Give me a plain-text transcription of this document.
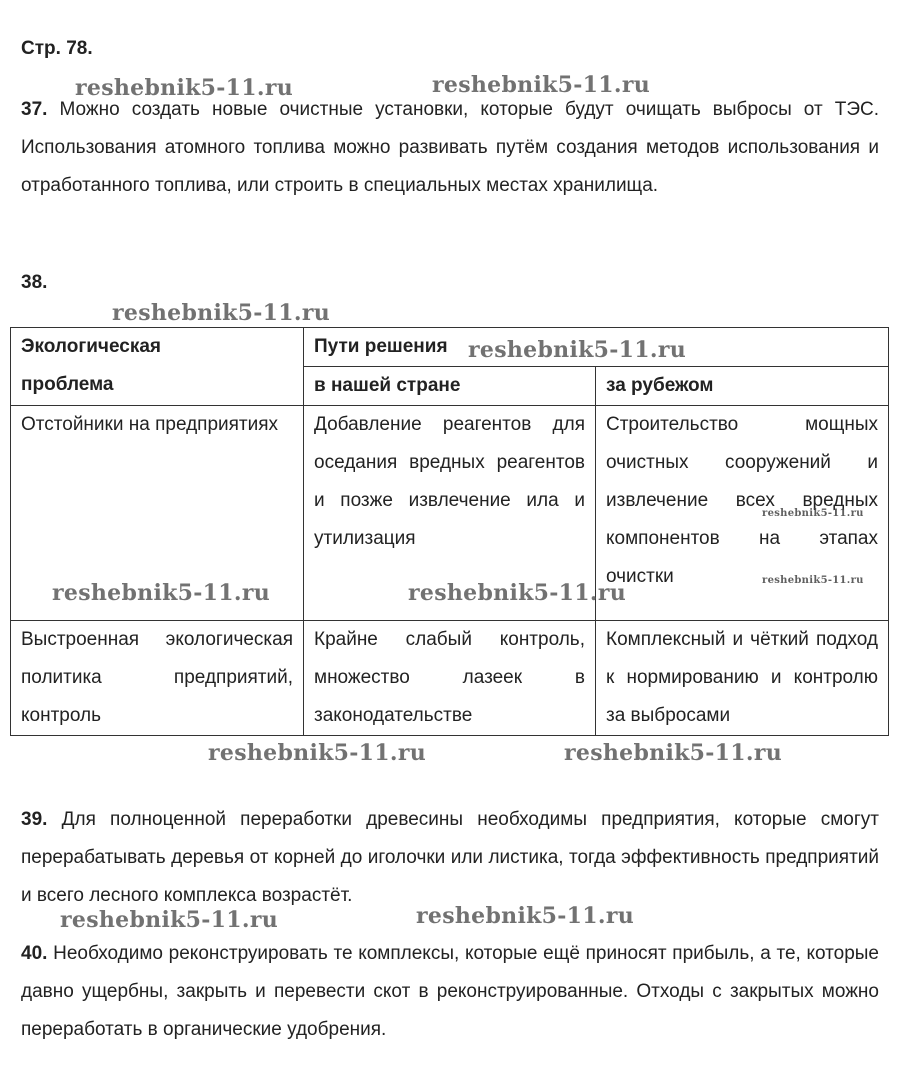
Стр. 78.

37. Можно создать новые очистные установки, которые будут очищать выбросы от ТЭС. Использования атомного топлива можно развивать путём создания методов использования и отработанного топлива, или строить в специальных местах хранилища.

38.
Экологическая
проблема	Пути решения	
	в нашей стране	за рубежом
Отстойники на предприятиях	Добавление реагентов для оседания вредных реагентов и позже извлечение ила и утилизация	Строительство мощных очистных сооружений и извлечение всех вредных компонентов на этапах очистки
Выстроенная экологическая политика предприятий, контроль	Крайне слабый контроль, множество лазеек в законодательстве	Комплексный и чёткий подход к нормированию и контролю за выбросами

39. Для полноценной переработки древесины необходимы предприятия, которые смогут перерабатывать деревья от корней до иголочки или листика, тогда эффективность предприятий и всего лесного комплекса возрастёт.

40. Необходимо реконструировать те комплексы, которые ещё приносят прибыль, а те, которые давно ущербны, закрыть и перевести скот в реконструированные. Отходы с закрытых можно переработать в органические удобрения.

reshebnik5-11.ru	reshebnik5-11.ru
reshebnik5-11.ru
reshebnik5-11.ru
reshebnik5-11.ru
reshebnik5-11.ru
reshebnik5-11.ru	reshebnik5-11.ru
reshebnik5-11.ru	reshebnik5-11.ru
reshebnik5-11.ru	reshebnik5-11.ru
